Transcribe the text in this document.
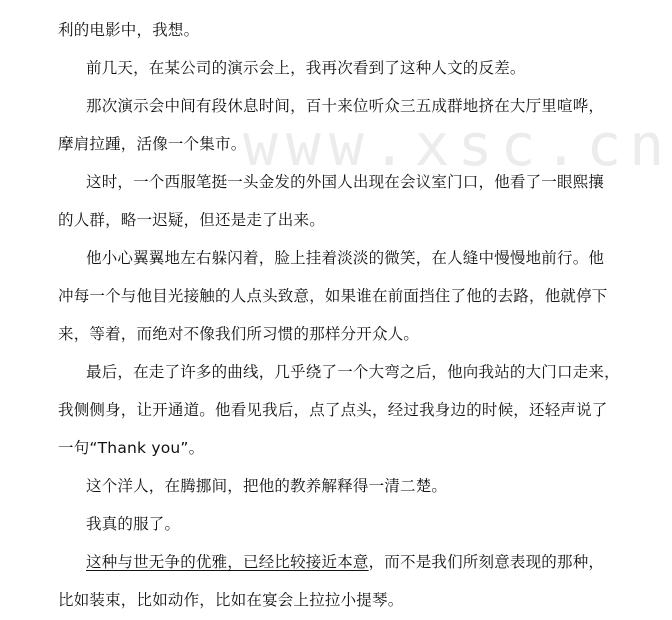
www.xsc.cn
利的电影中，我想。
前几天，在某公司的演示会上，我再次看到了这种人文的反差。
那次演示会中间有段休息时间，百十来位听众三五成群地挤在大厅里喧哗，
摩肩拉踵，活像一个集市。
这时，一个西服笔挺一头金发的外国人出现在会议室门口，他看了一眼熙攘
的人群，略一迟疑，但还是走了出来。
他小心翼翼地左右躲闪着，脸上挂着淡淡的微笑，在人缝中慢慢地前行。他
冲每一个与他目光接触的人点头致意，如果谁在前面挡住了他的去路，他就停下
来，等着，而绝对不像我们所习惯的那样分开众人。
最后，在走了许多的曲线，几乎绕了一个大弯之后，他向我站的大门口走来，
我侧侧身，让开通道。他看见我后，点了点头，经过我身边的时候，还轻声说了
一句“Thank you”。
这个洋人，在腾挪间，把他的教养解释得一清二楚。
我真的服了。
这种与世无争的优雅，已经比较接近本意，而不是我们所刻意表现的那种，
比如装束，比如动作，比如在宴会上拉拉小提琴。
